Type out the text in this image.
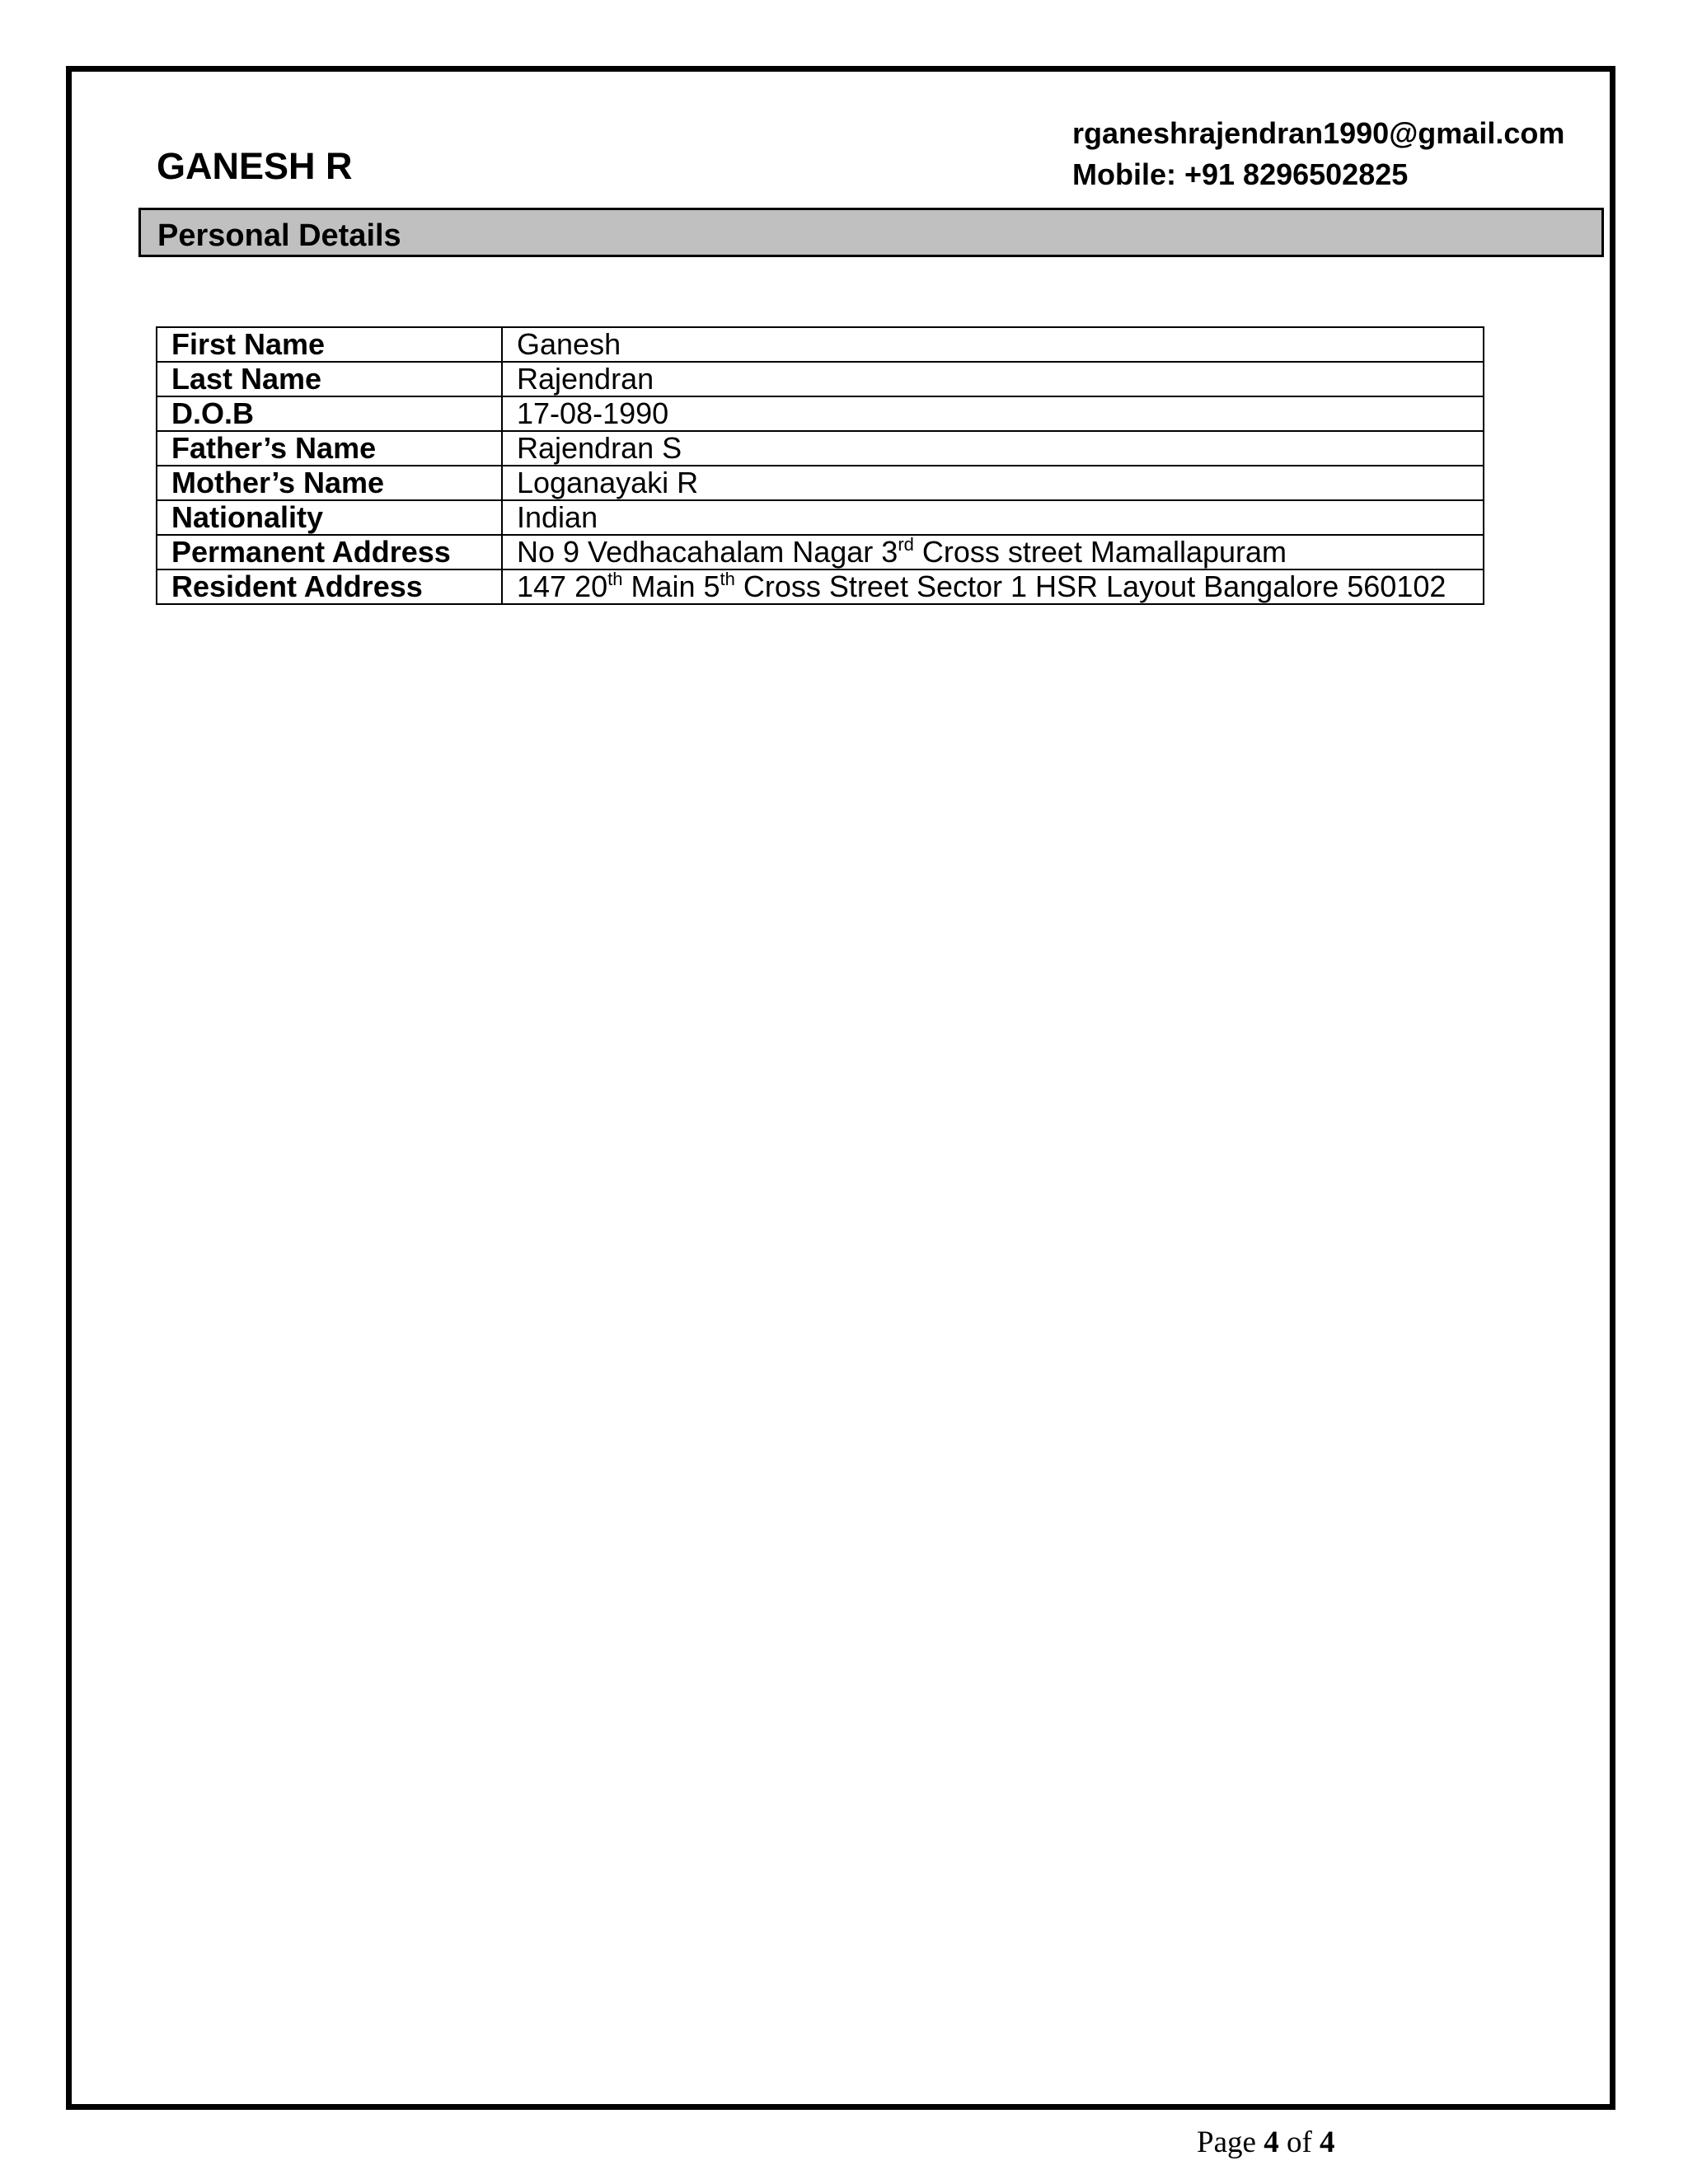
GANESH R
rganeshrajendran1990@gmail.com
Mobile: +91 8296502825
Personal Details
First Name	Ganesh
Last Name	Rajendran
D.O.B	17-08-1990
Father’s Name	Rajendran S
Mother’s Name	Loganayaki R
Nationality	Indian
Permanent Address	No 9 Vedhacahalam Nagar 3rd Cross street Mamallapuram
Resident Address	147 20th Main 5th Cross Street Sector 1 HSR Layout Bangalore 560102
Page 4 of 4
